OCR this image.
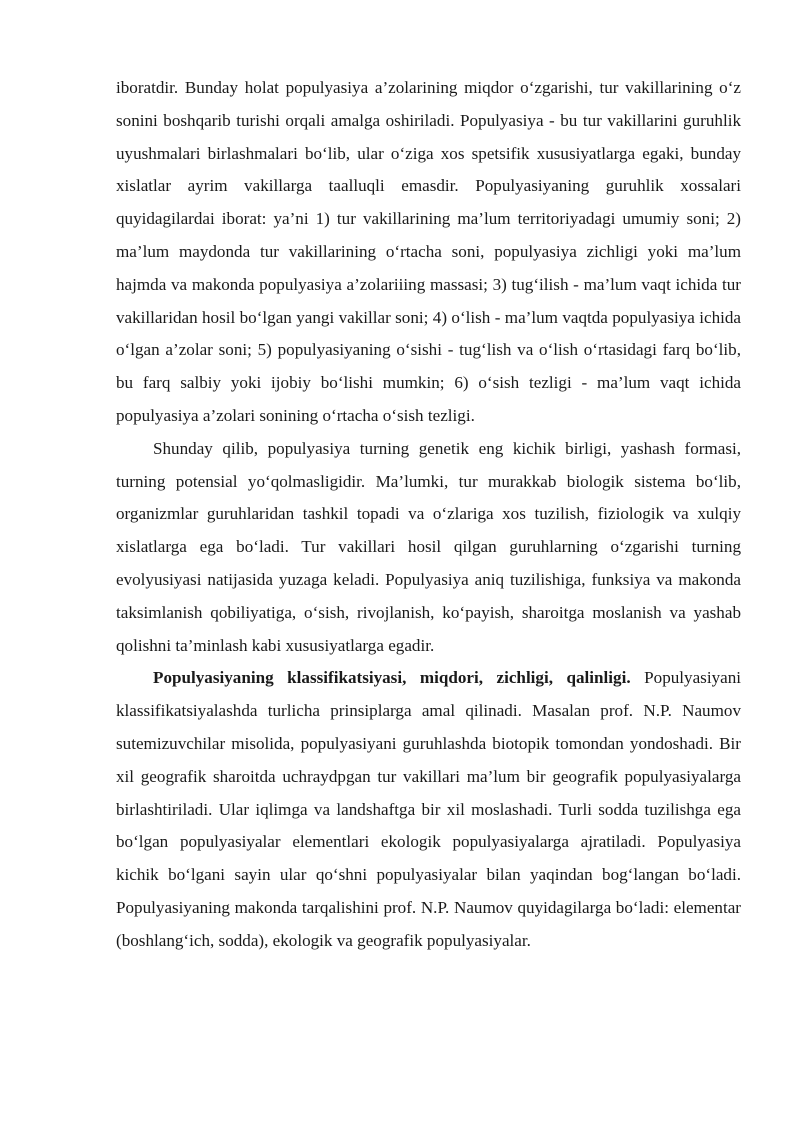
iboratdir. Bunday holat populyasiya a’zolarining miqdor o‘zgarishi, tur vakillarining o‘z sonini boshqarib turishi orqali amalga oshiriladi. Populyasiya - bu tur vakillarini guruhlik uyushmalari birlashmalari bo‘lib, ular o‘ziga xos spetsifik xususiyatlarga egaki, bunday xislatlar ayrim vakillarga taalluqli emasdir. Populyasiyaning guruhlik xossalari quyidagilardai iborat: ya’ni 1) tur vakillarining ma’lum territoriyadagi umumiy soni; 2) ma’lum maydonda tur vakillarining o‘rtacha soni, populyasiya zichligi yoki ma’lum hajmda va makonda populyasiya a’zolariiing massasi; 3) tug‘ilish - ma’lum vaqt ichida tur vakillaridan hosil bo‘lgan yangi vakillar soni; 4) o‘lish - ma’lum vaqtda populyasiya ichida o‘lgan a’zolar soni; 5) populyasiyaning o‘sishi - tug‘lish va o‘lish o‘rtasidagi farq bo‘lib, bu farq salbiy yoki ijobiy bo‘lishi mumkin; 6) o‘sish tezligi - ma’lum vaqt ichida populyasiya a’zolari sonining o‘rtacha o‘sish tezligi.

Shunday qilib, populyasiya turning genetik eng kichik birligi, yashash formasi, turning potensial yo‘qolmasligidir. Ma’lumki, tur murakkab biologik sistema bo‘lib, organizmlar guruhlaridan tashkil topadi va o‘zlariga xos tuzilish, fiziologik va xulqiy xislatlarga ega bo‘ladi. Tur vakillari hosil qilgan guruhlarning o‘zgarishi turning evolyusiyasi natijasida yuzaga keladi. Populyasiya aniq tuzilishiga, funksiya va makonda taksimlanish qobiliyatiga, o‘sish, rivojlanish, ko‘payish, sharoitga moslanish va yashab qolishni ta’minlash kabi xususiyatlarga egadir.

Populyasiyaning klassifikatsiyasi, miqdori, zichligi, qalinligi. Populyasiyani klassifikatsiyalashda turlicha prinsiplarga amal qilinadi. Masalan prof. N.P. Naumov sutemizuvchilar misolida, populyasiyani guruhlashda biotopik tomondan yondoshadi. Bir xil geografik sharoitda uchraydpgan tur vakillari ma’lum bir geografik populyasiyalarga birlashtiriladi. Ular iqlimga va landshaftga bir xil moslashadi. Turli sodda tuzilishga ega bo‘lgan populyasiyalar elementlari ekologik populyasiyalarga ajratiladi. Populyasiya kichik bo‘lgani sayin ular qo‘shni populyasiyalar bilan yaqindan bog‘langan bo‘ladi. Populyasiyaning makonda tarqalishini prof. N.P. Naumov quyidagilarga bo‘ladi: elementar (boshlang‘ich, sodda), ekologik va geografik populyasiyalar.
